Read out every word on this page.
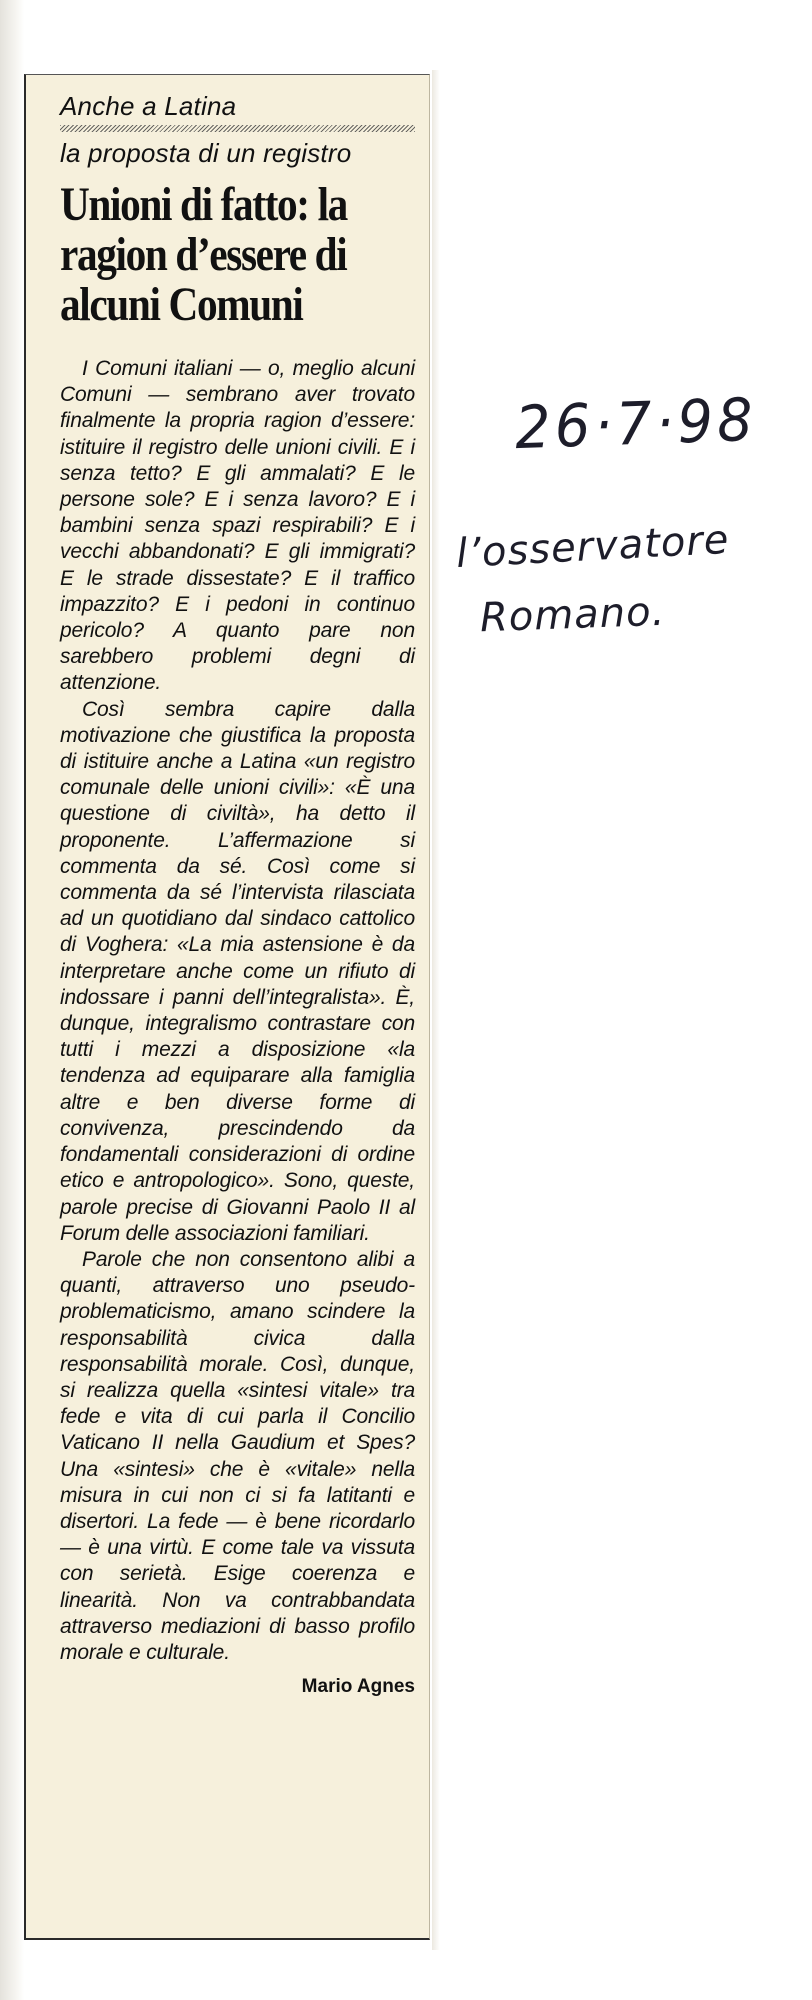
Anche a Latina

la proposta di un registro

Unioni di fatto: la ragion d’essere di alcuni Comuni

I Comuni italiani — o, meglio alcuni Comuni — sembrano aver trovato finalmente la propria ragion d’essere: istituire il registro delle unioni civili. E i senza tetto? E gli ammalati? E le persone sole? E i senza lavoro? E i bambini senza spazi respirabili? E i vecchi abbandonati? E gli immigrati? E le strade dissestate? E il traffico impazzito? E i pedoni in continuo pericolo? A quanto pare non sarebbero problemi degni di attenzione.

Così sembra capire dalla motivazione che giustifica la proposta di istituire anche a Latina «un registro comunale delle unioni civili»: «È una questione di civiltà», ha detto il proponente. L’affermazione si commenta da sé. Così come si commenta da sé l’intervista rilasciata ad un quotidiano dal sindaco cattolico di Voghera: «La mia astensione è da interpretare anche come un rifiuto di indossare i panni dell’integralista». È, dunque, integralismo contrastare con tutti i mezzi a disposizione «la tendenza ad equiparare alla famiglia altre e ben diverse forme di convivenza, prescindendo da fondamentali considerazioni di ordine etico e antropologico». Sono, queste, parole precise di Giovanni Paolo II al Forum delle associazioni familiari.

Parole che non consentono alibi a quanti, attraverso uno pseudo-problematicismo, amano scindere la responsabilità civica dalla responsabilità morale. Così, dunque, si realizza quella «sintesi vitale» tra fede e vita di cui parla il Concilio Vaticano II nella Gaudium et Spes? Una «sintesi» che è «vitale» nella misura in cui non ci si fa latitanti e disertori. La fede — è bene ricordarlo — è una virtù. E come tale va vissuta con serietà. Esige coerenza e linearità. Non va contrabbandata attraverso mediazioni di basso profilo morale e culturale.

Mario Agnes
26·7·98
l’osservatore
Romano.
